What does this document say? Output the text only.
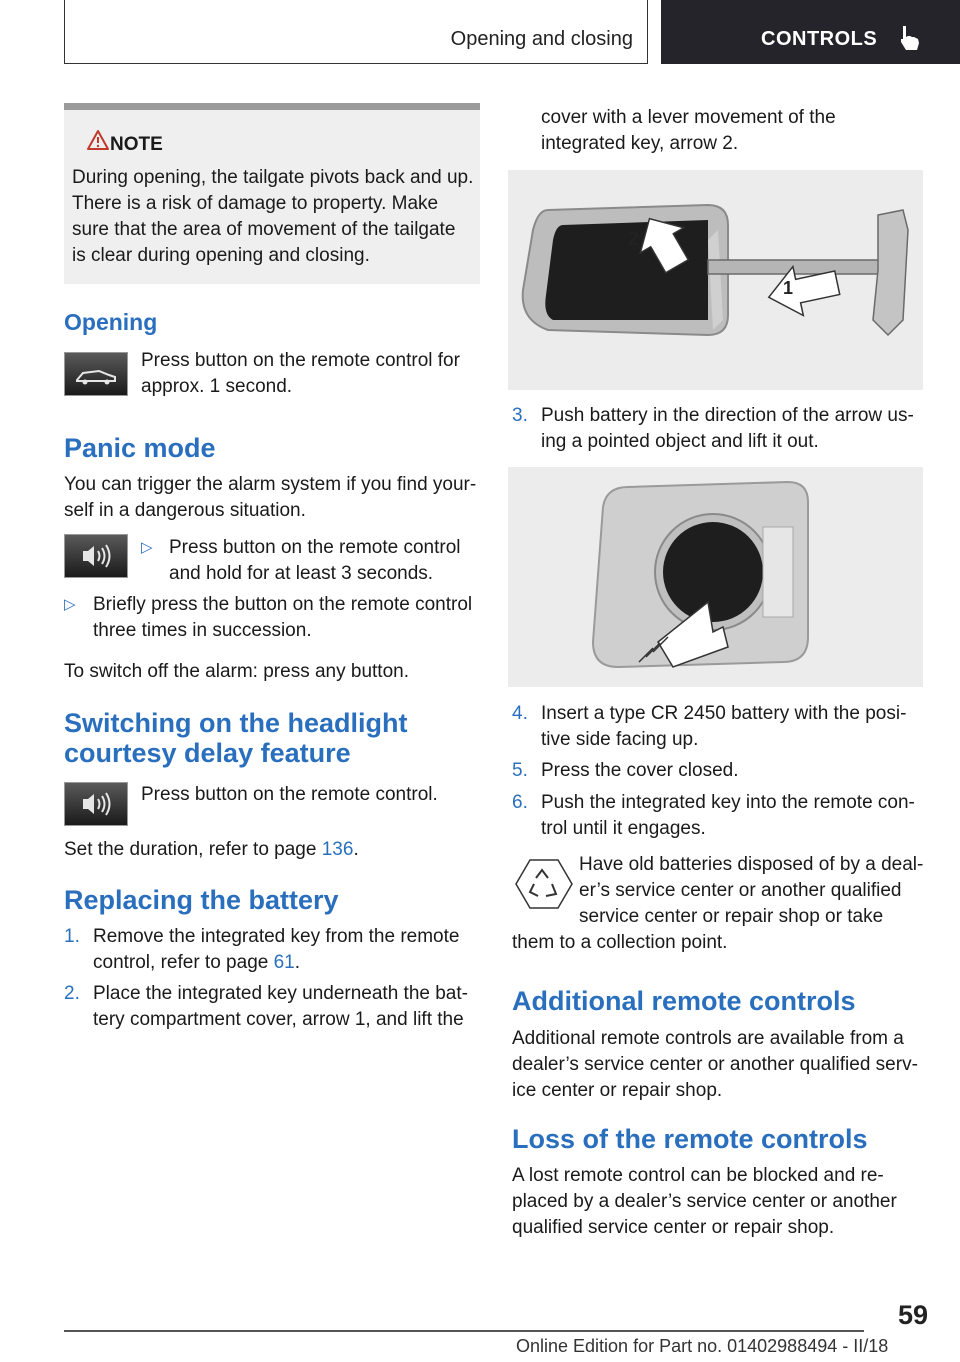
Opening and closing	CONTROLS
NOTE
During opening, the tailgate pivots back and up.
There is a risk of damage to property. Make
sure that the area of movement of the tailgate
is clear during opening and closing.
Opening
Press button on the remote control for
approx. 1 second.
Panic mode
You can trigger the alarm system if you find your-
self in a dangerous situation.
▷ Press button on the remote control
and hold for at least 3 seconds.
▷ Briefly press the button on the remote control
three times in succession.
To switch off the alarm: press any button.
Switching on the headlight
courtesy delay feature
Press button on the remote control.
Set the duration, refer to page 136.
Replacing the battery
1. Remove the integrated key from the remote
control, refer to page 61.
2. Place the integrated key underneath the bat-
tery compartment cover, arrow 1, and lift the
cover with a lever movement of the
integrated key, arrow 2.
2
1
3. Push battery in the direction of the arrow us-
ing a pointed object and lift it out.
4. Insert a type CR 2450 battery with the posi-
tive side facing up.
5. Press the cover closed.
6. Push the integrated key into the remote con-
trol until it engages.
Have old batteries disposed of by a deal-
er’s service center or another qualified
service center or repair shop or take
them to a collection point.
Additional remote controls
Additional remote controls are available from a
dealer’s service center or another qualified serv-
ice center or repair shop.
Loss of the remote controls
A lost remote control can be blocked and re-
placed by a dealer’s service center or another
qualified service center or repair shop.
59
Online Edition for Part no. 01402988494 - II/18
